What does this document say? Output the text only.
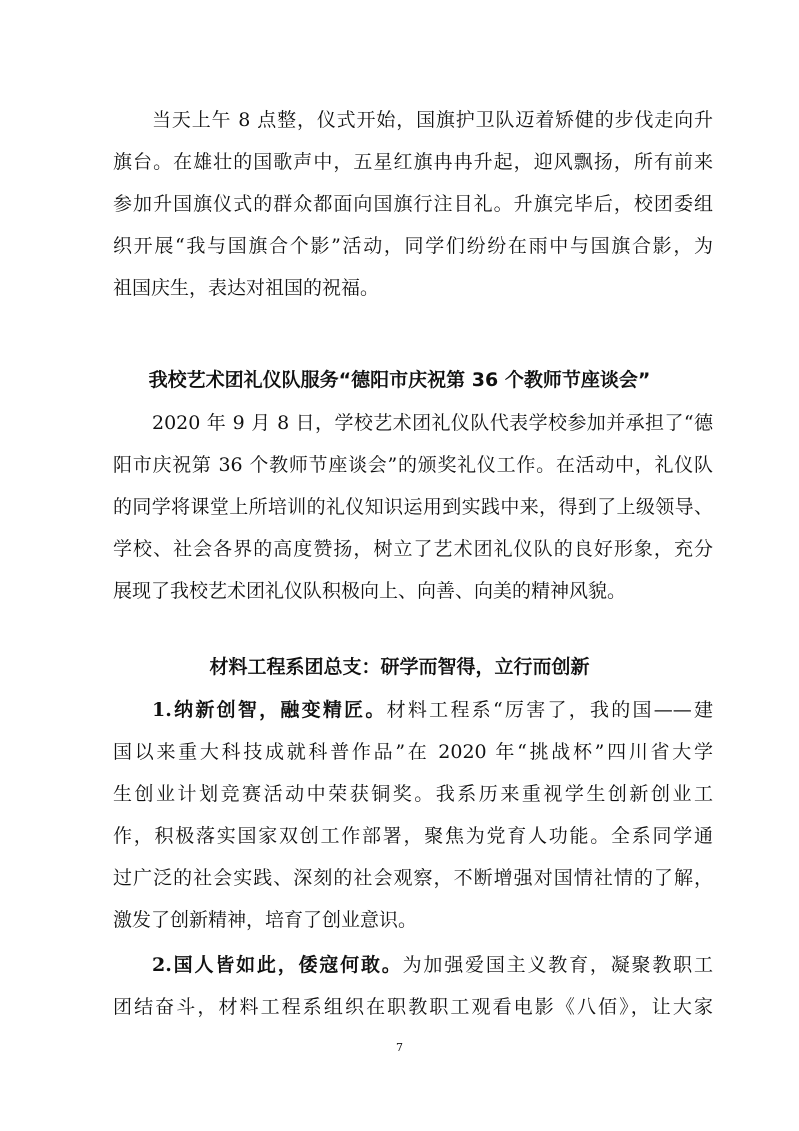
当天上午 8 点整，仪式开始，国旗护卫队迈着矫健的步伐走向升
旗台。在雄壮的国歌声中，五星红旗冉冉升起，迎风飘扬，所有前来
参加升国旗仪式的群众都面向国旗行注目礼。升旗完毕后，校团委组
织开展“我与国旗合个影”活动，同学们纷纷在雨中与国旗合影，为
祖国庆生，表达对祖国的祝福。
我校艺术团礼仪队服务“德阳市庆祝第 36 个教师节座谈会”
2020 年 9 月 8 日，学校艺术团礼仪队代表学校参加并承担了“德
阳市庆祝第 36 个教师节座谈会”的颁奖礼仪工作。在活动中，礼仪队
的同学将课堂上所培训的礼仪知识运用到实践中来，得到了上级领导、
学校、社会各界的高度赞扬，树立了艺术团礼仪队的良好形象，充分
展现了我校艺术团礼仪队积极向上、向善、向美的精神风貌。
材料工程系团总支：研学而智得，立行而创新
1.纳新创智，融变精匠。材料工程系“厉害了，我的国——建
国以来重大科技成就科普作品”在 2020 年“挑战杯”四川省大学
生创业计划竞赛活动中荣获铜奖。我系历来重视学生创新创业工
作，积极落实国家双创工作部署，聚焦为党育人功能。全系同学通
过广泛的社会实践、深刻的社会观察，不断增强对国情社情的了解，
激发了创新精神，培育了创业意识。
2.国人皆如此，倭寇何敢。为加强爱国主义教育，凝聚教职工
团结奋斗，材料工程系组织在职教职工观看电影《八佰》，让大家
7
